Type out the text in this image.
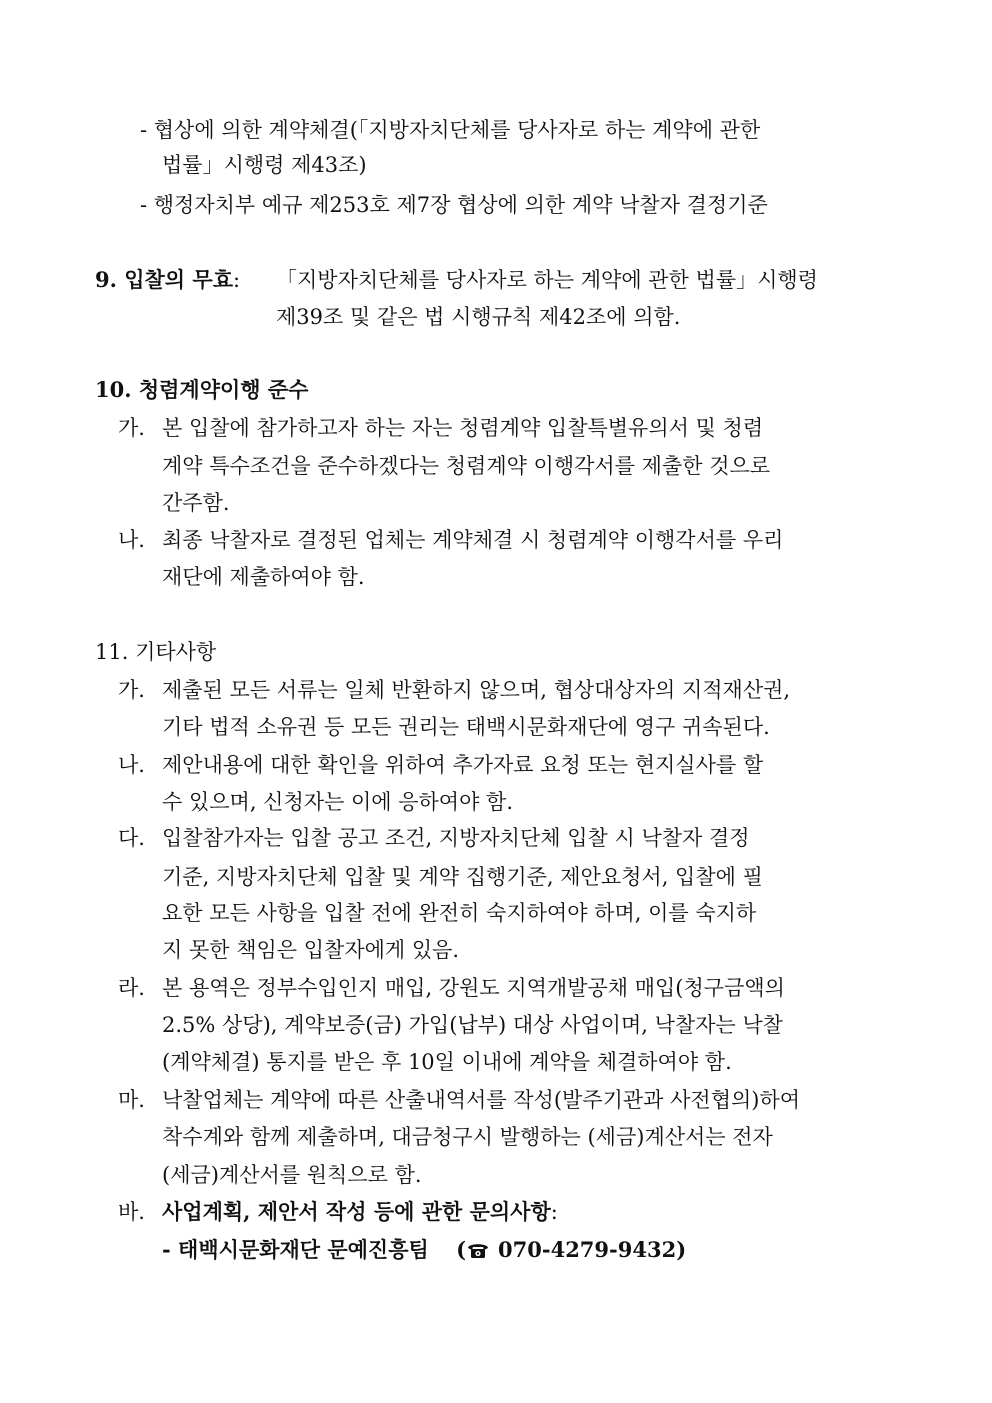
- 협상에 의한 계약체결(「지방자치단체를 당사자로 하는 계약에 관한
법률」시행령 제43조)
- 행정자치부 예규 제253호 제7장 협상에 의한 계약 낙찰자 결정기준
9. 입찰의 무효: 「지방자치단체를 당사자로 하는 계약에 관한 법률」시행령
제39조 및 같은 법 시행규칙 제42조에 의함.
10. 청렴계약이행 준수
가. 본 입찰에 참가하고자 하는 자는 청렴계약 입찰특별유의서 및 청렴
계약 특수조건을 준수하겠다는 청렴계약 이행각서를 제출한 것으로
간주함.
나. 최종 낙찰자로 결정된 업체는 계약체결 시 청렴계약 이행각서를 우리
재단에 제출하여야 함.
11. 기타사항
가. 제출된 모든 서류는 일체 반환하지 않으며, 협상대상자의 지적재산권,
기타 법적 소유권 등 모든 권리는 태백시문화재단에 영구 귀속된다.
나. 제안내용에 대한 확인을 위하여 추가자료 요청 또는 현지실사를 할
수 있으며, 신청자는 이에 응하여야 함.
다. 입찰참가자는 입찰 공고 조건, 지방자치단체 입찰 시 낙찰자 결정
기준, 지방자치단체 입찰 및 계약 집행기준, 제안요청서, 입찰에 필
요한 모든 사항을 입찰 전에 완전히 숙지하여야 하며, 이를 숙지하
지 못한 책임은 입찰자에게 있음.
라. 본 용역은 정부수입인지 매입, 강원도 지역개발공채 매입(청구금액의
2.5% 상당), 계약보증(금) 가입(납부) 대상 사업이며, 낙찰자는 낙찰
(계약체결) 통지를 받은 후 10일 이내에 계약을 체결하여야 함.
마. 낙찰업체는 계약에 따른 산출내역서를 작성(발주기관과 사전협의)하여
착수계와 함께 제출하며, 대금청구시 발행하는 (세금)계산서는 전자
(세금)계산서를 원칙으로 함.
바. 사업계획, 제안서 작성 등에 관한 문의사항:
- 태백시문화재단 문예진흥팀 ( 070-4279-9432)
